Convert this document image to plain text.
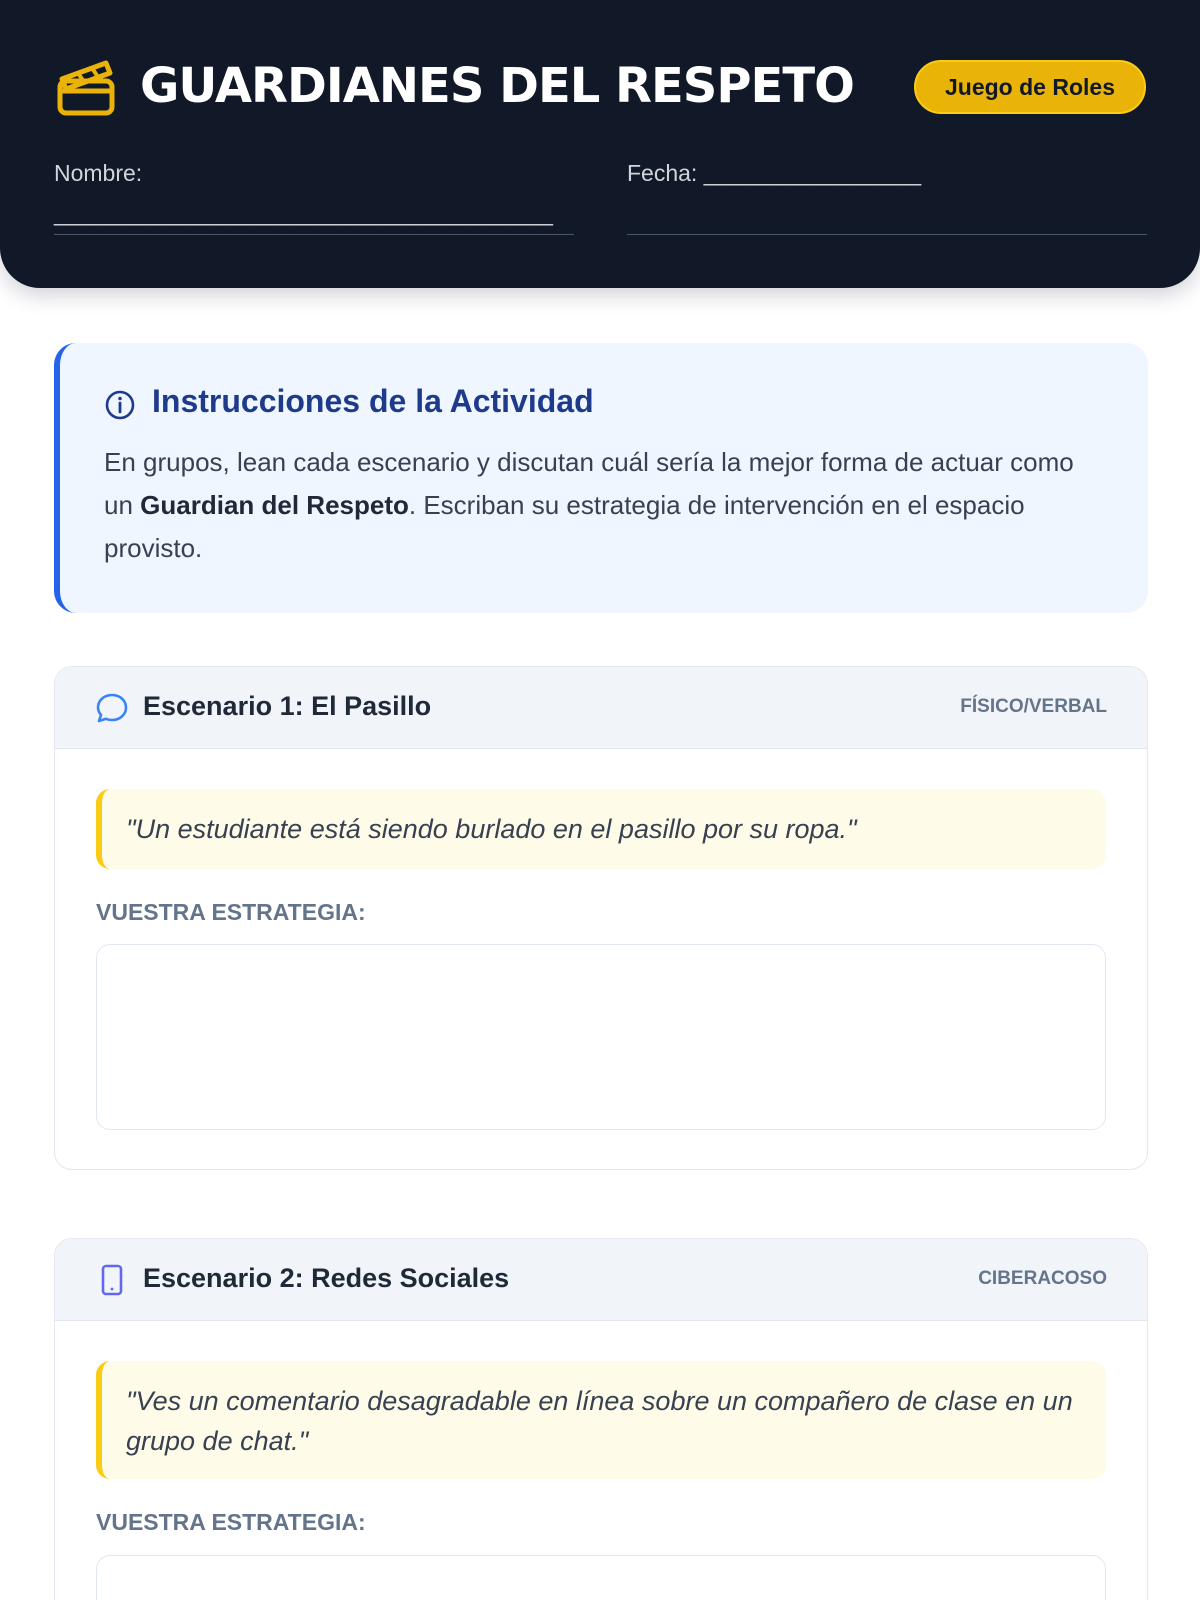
GUARDIANES DEL RESPETO	Juego de Roles
Nombre:
_______________________________________
Fecha: _________________
Instrucciones de la Actividad
En grupos, lean cada escenario y discutan cuál sería la mejor forma de actuar como un Guardian del Respeto. Escriban su estrategia de intervención en el espacio provisto.
Escenario 1: El Pasillo	FÍSICO/VERBAL
"Un estudiante está siendo burlado en el pasillo por su ropa."
VUESTRA ESTRATEGIA:
Escenario 2: Redes Sociales	CIBERACOSO
"Ves un comentario desagradable en línea sobre un compañero de clase en un grupo de chat."
VUESTRA ESTRATEGIA:
